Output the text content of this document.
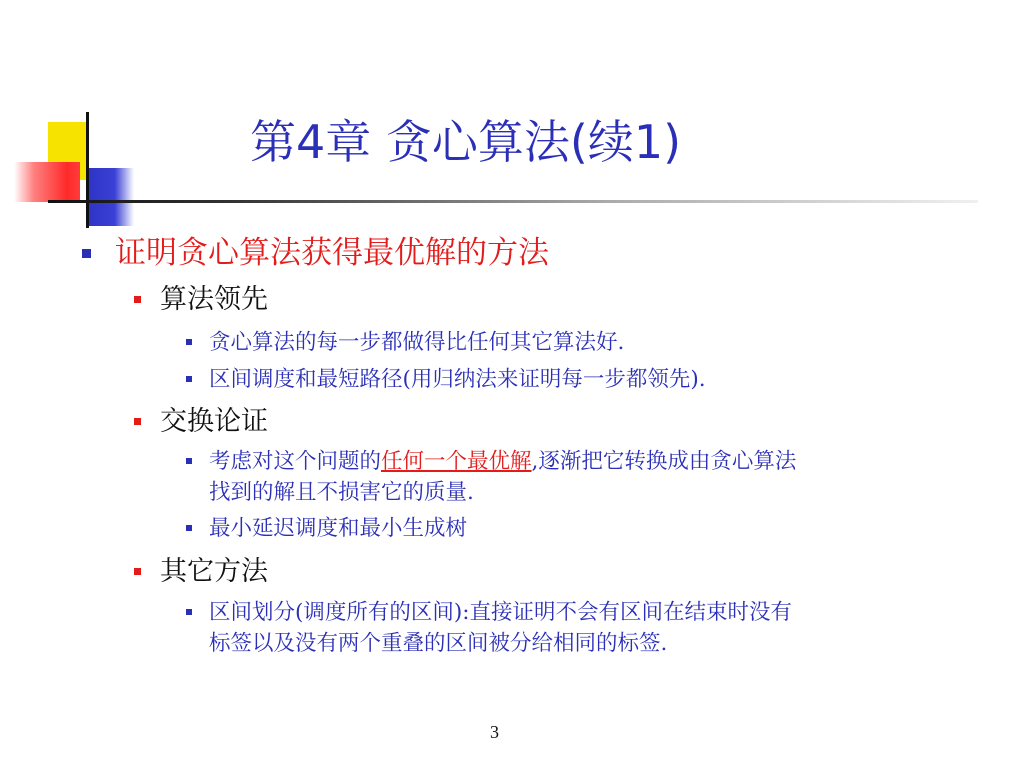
第4章 贪心算法(续1)
证明贪心算法获得最优解的方法
算法领先
贪心算法的每一步都做得比任何其它算法好.
区间调度和最短路径(用归纳法来证明每一步都领先).
交换论证
考虑对这个问题的任何一个最优解,逐渐把它转换成由贪心算法
找到的解且不损害它的质量.
最小延迟调度和最小生成树
其它方法
区间划分(调度所有的区间):直接证明不会有区间在结束时没有
标签以及没有两个重叠的区间被分给相同的标签.
3
